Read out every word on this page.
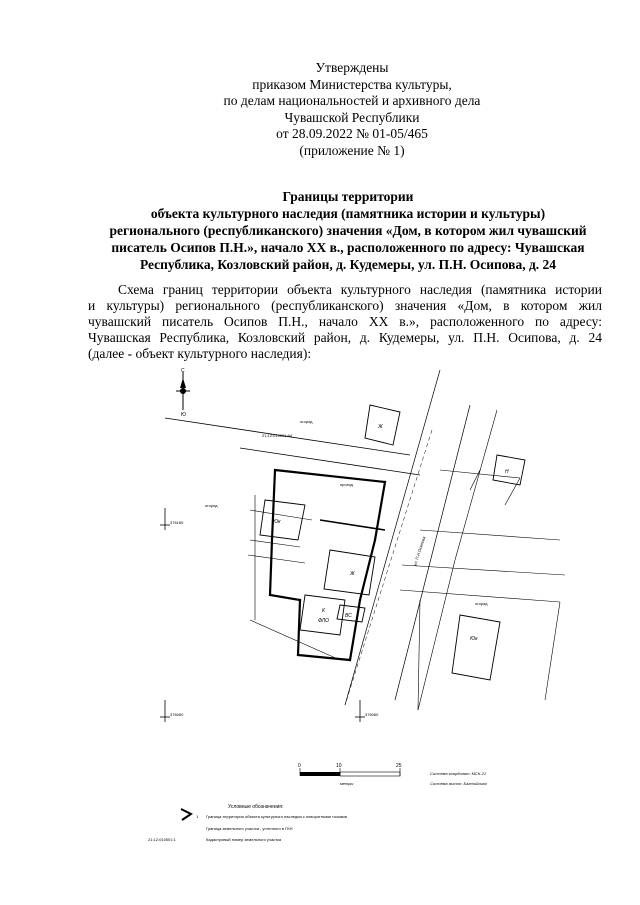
Утверждены
приказом Министерства культуры,
по делам национальностей и архивного дела
Чувашской Республики
от 28.09.2022 № 01-05/465
(приложение № 1)
Границы территории
объекта культурного наследия (памятника истории и культуры)
регионального (республиканского) значения «Дом, в котором жил чувашский
писатель Осипов П.Н.», начало XX в., расположенного по адресу: Чувашская
Республика, Козловский район, д. Кудемеры, ул. П.Н. Осипова, д. 24
Схема границ территории объекта культурного наследия (памятника истории
и культуры) регионального (республиканского) значения «Дом, в котором жил
чувашский писатель Осипов П.Н., начало XX в.», расположенного по адресу:
Чувашская Республика, Козловский район, д. Кудемеры, ул. П.Н. Осипова, д. 24
(далее - объект культурного наследия):
С
Ю
376180
376060	376060
огород
огород
огород
проезд
ул. П.Н.Осипова
21:12:010501:64
Ж
Н
Юк
Ж
К
ФЛО
Юк
ВС
0	10	25
метры
Система координат: МСК-21
Система высот: Балтийская
Условные обозначения:
1 Граница территории объекта культурного наследия с поворотными точками
Граница земельного участка , учтенного в ГКН
21:12:010501:1	Кадастровый номер земельного участка
